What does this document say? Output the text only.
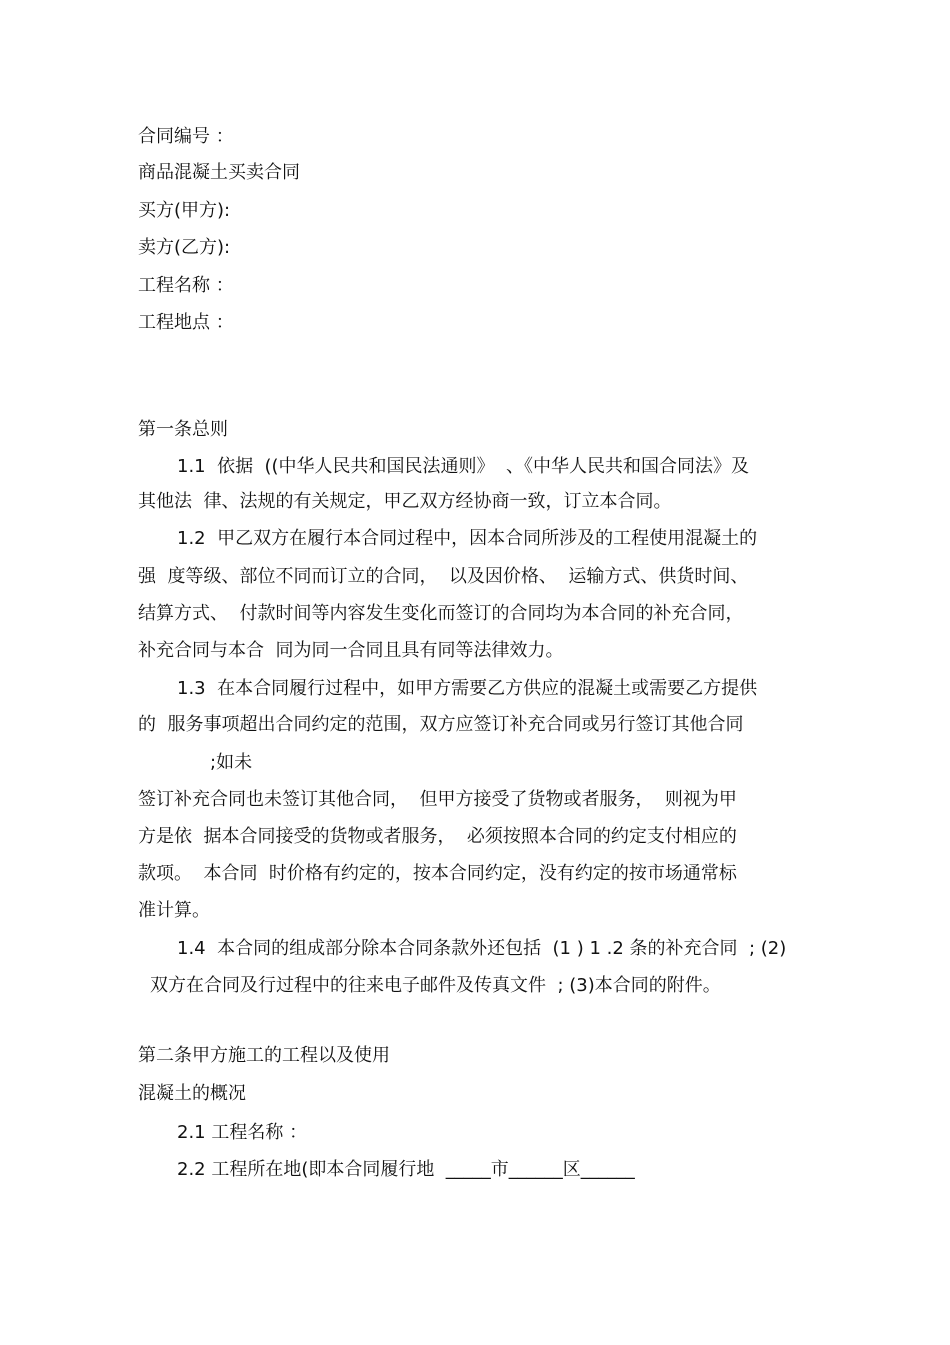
合同编号 ：
商品混凝土买卖合同
买方(甲方):
卖方(乙方):
工程名称 ：
工程地点 ：
第一条总则
1.1  依据  ((中华人民共和国民法通则》  、《中华人民共和国合同法》及
其他法  律、法规的有关规定，甲乙双方经协商一致，订立本合同。
1.2  甲乙双方在履行本合同过程中，因本合同所涉及的工程使用混凝土的
强  度等级、部位不同而订立的合同，  以及因价格、  运输方式、供货时间、
结算方式、  付款时间等内容发生变化而签订的合同均为本合同的补充合同，
补充合同与本合  同为同一合同且具有同等法律效力。
1.3  在本合同履行过程中，如甲方需要乙方供应的混凝土或需要乙方提供
的  服务事项超出合同约定的范围，双方应签订补充合同或另行签订其他合同
;如未
签订补充合同也未签订其他合同，  但甲方接受了货物或者服务，  则视为甲
方是依  据本合同接受的货物或者服务，  必须按照本合同的约定支付相应的
款项。  本合同  时价格有约定的，按本合同约定，没有约定的按市场通常标
准计算。
1.4  本合同的组成部分除本合同条款外还包括  (1 ) 1 .2 条的补充合同  ; (2)
双方在合同及行过程中的往来电子邮件及传真文件  ; (3)本合同的附件。
第二条甲方施工的工程以及使用
混凝土的概况
2.1 工程名称 ：
2.2 工程所在地(即本合同履行地  _____市______区______
